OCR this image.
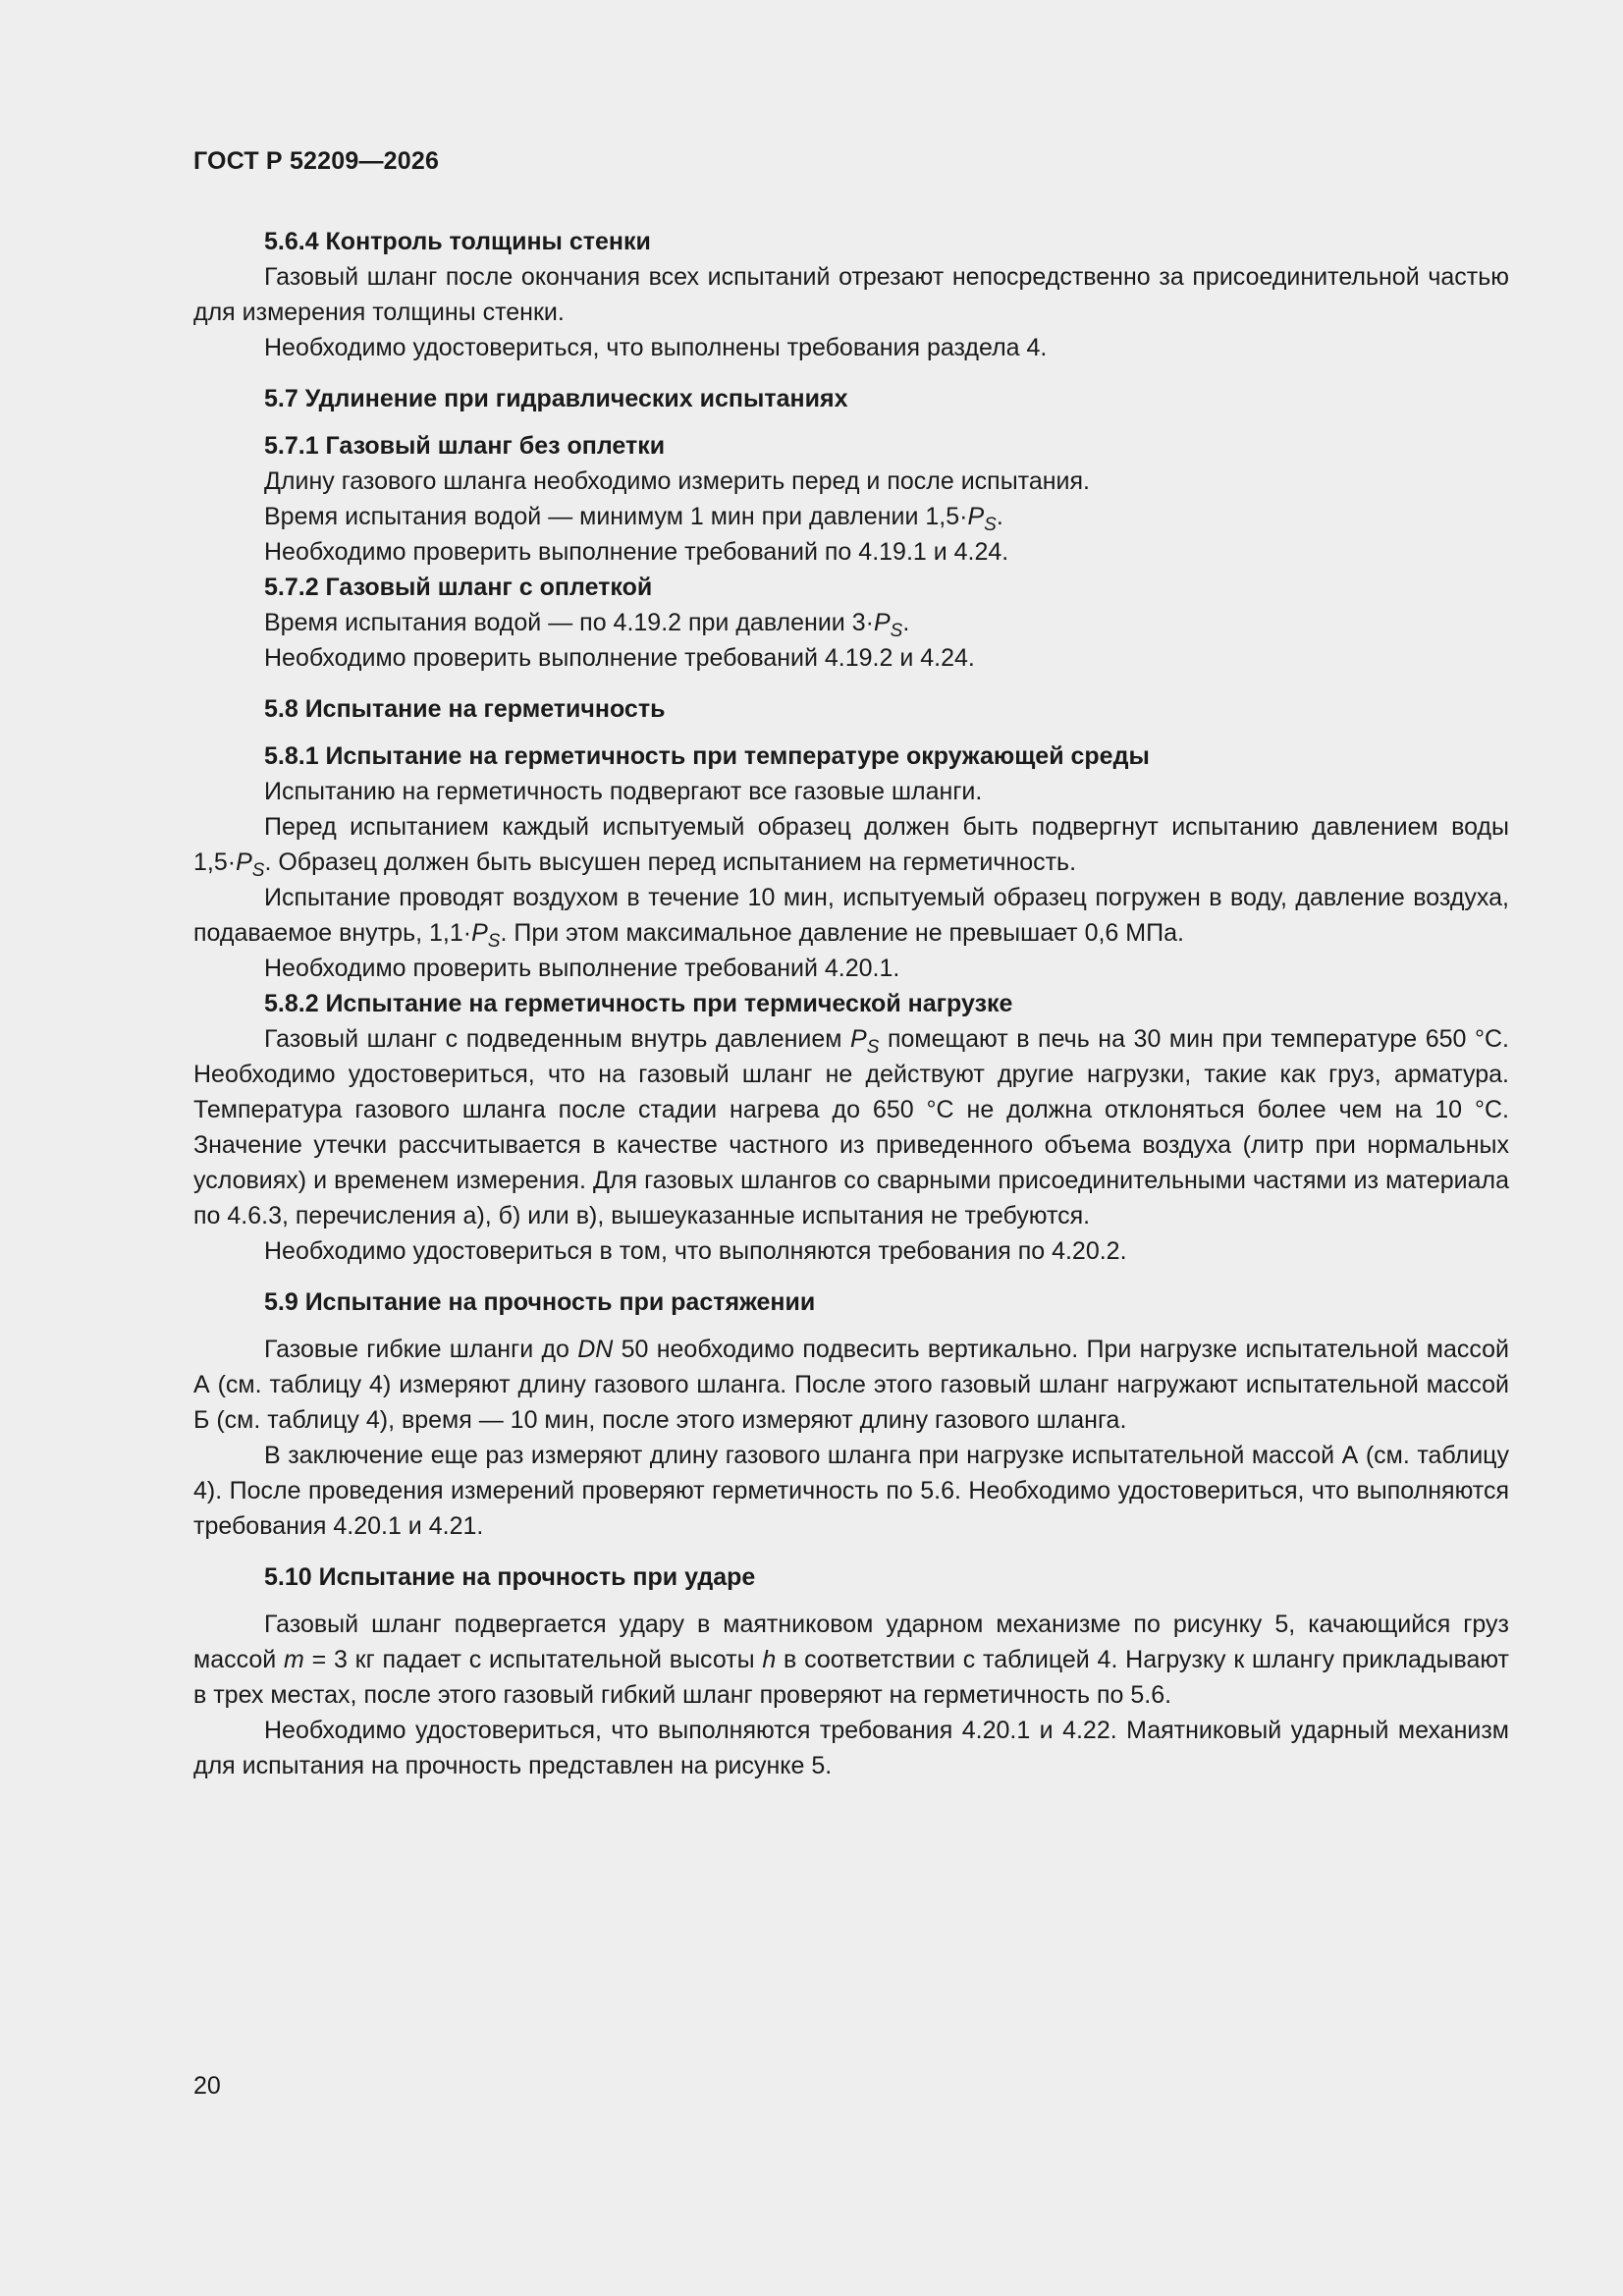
ГОСТ Р 52209—2026
5.6.4 Контроль толщины стенки

Газовый шланг после окончания всех испытаний отрезают непосредственно за присоединительной частью для измерения толщины стенки.

Необходимо удостовериться, что выполнены требования раздела 4.

5.7 Удлинение при гидравлических испытаниях
5.7.1 Газовый шланг без оплетки

Длину газового шланга необходимо измерить перед и после испытания.

Время испытания водой — минимум 1 мин при давлении $1,5\cdot P_S$.

Необходимо проверить выполнение требований по 4.19.1 и 4.24.

5.7.2 Газовый шланг с оплеткой

Время испытания водой — по 4.19.2 при давлении $3\cdot P_S$.

Необходимо проверить выполнение требований 4.19.2 и 4.24.

5.8 Испытание на герметичность
5.8.1 Испытание на герметичность при температуре окружающей среды

Испытанию на герметичность подвергают все газовые шланги.

Перед испытанием каждый испытуемый образец должен быть подвергнут испытанию давлением воды $1,5\cdot P_S$. Образец должен быть высушен перед испытанием на герметичность.

Испытание проводят воздухом в течение 10 мин, испытуемый образец погружен в воду, давление воздуха, подаваемое внутрь, $1,1\cdot P_S$. При этом максимальное давление не превышает 0,6 МПа.

Необходимо проверить выполнение требований 4.20.1.

5.8.2 Испытание на герметичность при термической нагрузке

Газовый шланг с подведенным внутрь давлением $P_S$ помещают в печь на 30 мин при температуре 650 °С. Необходимо удостовериться, что на газовый шланг не действуют другие нагрузки, такие как груз, арматура. Температура газового шланга после стадии нагрева до 650 °С не должна отклоняться более чем на 10 °С. Значение утечки рассчитывается в качестве частного из приведенного объема воздуха (литр при нормальных условиях) и временем измерения. Для газовых шлангов со сварными присоединительными частями из материала по 4.6.3, перечисления а), б) или в), вышеуказанные испытания не требуются.

Необходимо удостовериться в том, что выполняются требования по 4.20.2.

5.9 Испытание на прочность при растяжении

Газовые гибкие шланги до DN 50 необходимо подвесить вертикально. При нагрузке испытательной массой А (см. таблицу 4) измеряют длину газового шланга. После этого газовый шланг нагружают испытательной массой Б (см. таблицу 4), время — 10 мин, после этого измеряют длину газового шланга.

В заключение еще раз измеряют длину газового шланга при нагрузке испытательной массой А (см. таблицу 4). После проведения измерений проверяют герметичность по 5.6. Необходимо удостовериться, что выполняются требования 4.20.1 и 4.21.

5.10 Испытание на прочность при ударе

Газовый шланг подвергается удару в маятниковом ударном механизме по рисунку 5, качающийся груз массой m = 3 кг падает с испытательной высоты h в соответствии с таблицей 4. Нагрузку к шлангу прикладывают в трех местах, после этого газовый гибкий шланг проверяют на герметичность по 5.6.

Необходимо удостовериться, что выполняются требования 4.20.1 и 4.22. Маятниковый ударный механизм для испытания на прочность представлен на рисунке 5.

20
